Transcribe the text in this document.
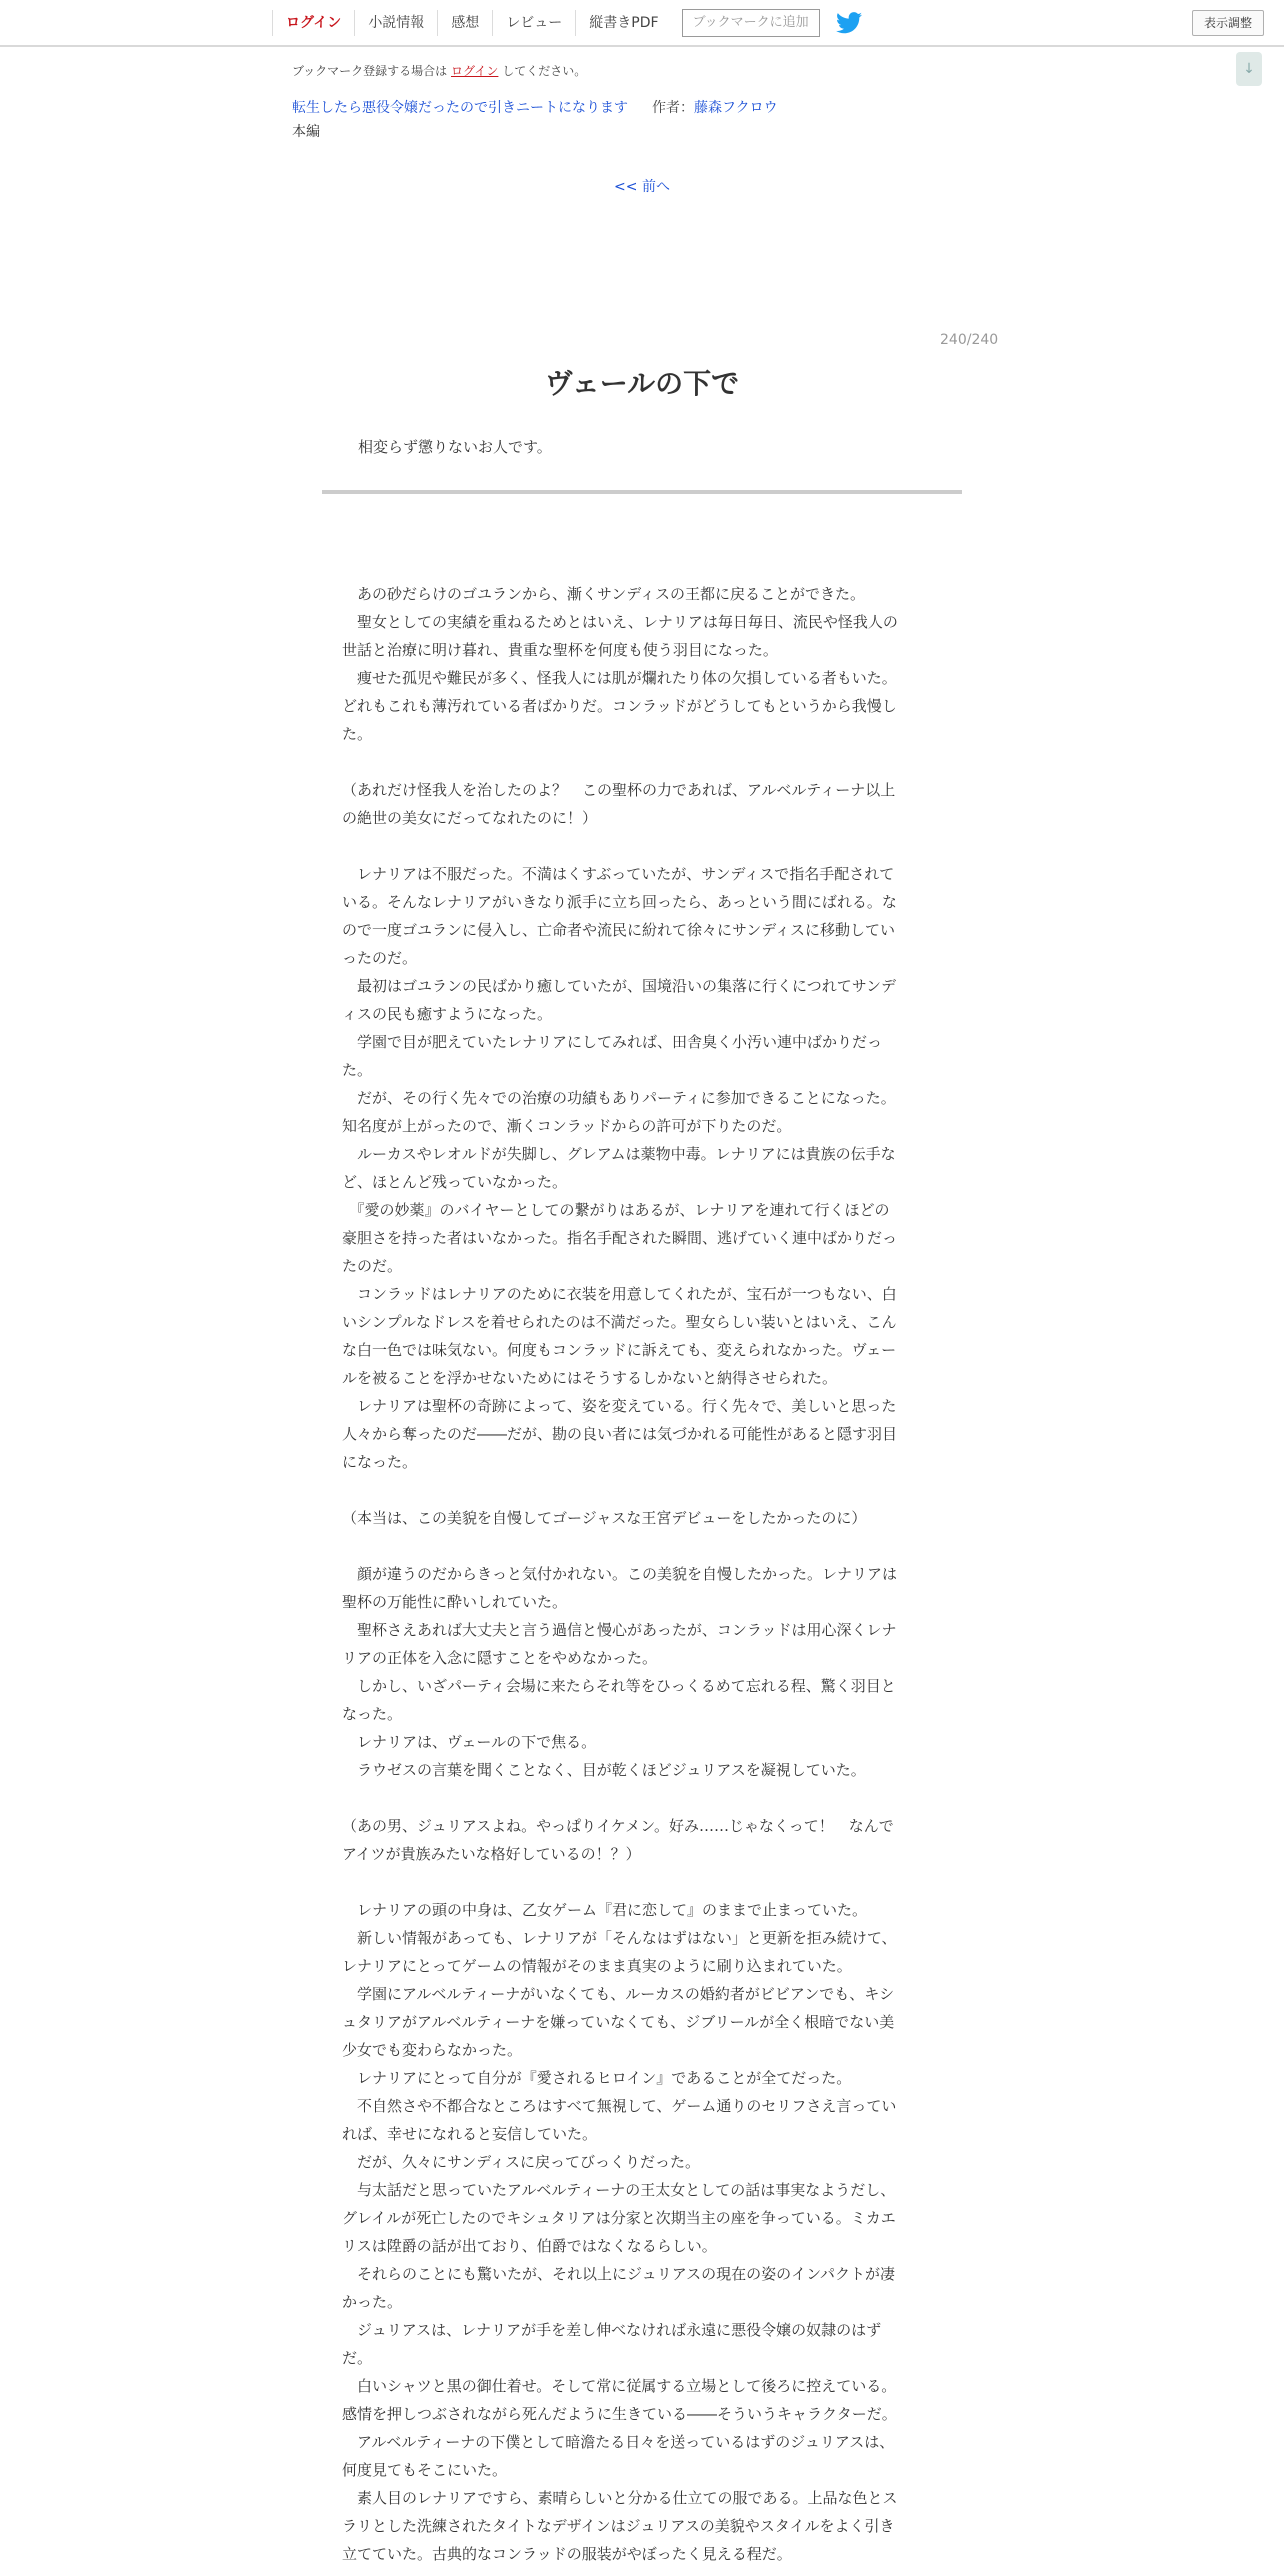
ログイン	小説情報	感想	レビュー	縦書きPDF	ブックマークに追加	表示調整
↓
ブックマーク登録する場合は ログイン してください。
転生したら悪役令嬢だったので引きニートになります 作者：藤森フクロウ
本編
<< 前へ
240/240
ヴェールの下で
相変らず懲りないお人です。
　あの砂だらけのゴユランから、漸くサンディスの王都に戻ることができた。
　聖女としての実績を重ねるためとはいえ、レナリアは毎日毎日、流民や怪我人の
世話と治療に明け暮れ、貴重な聖杯を何度も使う羽目になった。
　痩せた孤児や難民が多く、怪我人には肌が爛れたり体の欠損している者もいた。
どれもこれも薄汚れている者ばかりだ。コンラッドがどうしてもというから我慢し
た。
（あれだけ怪我人を治したのよ？　この聖杯の力であれば、アルベルティーナ以上
の絶世の美女にだってなれたのに！）
　レナリアは不服だった。不満はくすぶっていたが、サンディスで指名手配されて
いる。そんなレナリアがいきなり派手に立ち回ったら、あっという間にばれる。な
ので一度ゴユランに侵入し、亡命者や流民に紛れて徐々にサンディスに移動してい
ったのだ。
　最初はゴユランの民ばかり癒していたが、国境沿いの集落に行くにつれてサンデ
ィスの民も癒すようになった。
　学園で目が肥えていたレナリアにしてみれば、田舎臭く小汚い連中ばかりだっ
た。
　だが、その行く先々での治療の功績もありパーティに参加できることになった。
知名度が上がったので、漸くコンラッドからの許可が下りたのだ。
　ルーカスやレオルドが失脚し、グレアムは薬物中毒。レナリアには貴族の伝手な
ど、ほとんど残っていなかった。
　『愛の妙薬』のバイヤーとしての繋がりはあるが、レナリアを連れて行くほどの
豪胆さを持った者はいなかった。指名手配された瞬間、逃げていく連中ばかりだっ
たのだ。
　コンラッドはレナリアのために衣装を用意してくれたが、宝石が一つもない、白
いシンプルなドレスを着せられたのは不満だった。聖女らしい装いとはいえ、こん
な白一色では味気ない。何度もコンラッドに訴えても、変えられなかった。ヴェー
ルを被ることを浮かせないためにはそうするしかないと納得させられた。
　レナリアは聖杯の奇跡によって、姿を変えている。行く先々で、美しいと思った
人々から奪ったのだ――だが、勘の良い者には気づかれる可能性があると隠す羽目
になった。
（本当は、この美貌を自慢してゴージャスな王宮デビューをしたかったのに）
　顔が違うのだからきっと気付かれない。この美貌を自慢したかった。レナリアは
聖杯の万能性に酔いしれていた。
　聖杯さえあれば大丈夫と言う過信と慢心があったが、コンラッドは用心深くレナ
リアの正体を入念に隠すことをやめなかった。
　しかし、いざパーティ会場に来たらそれ等をひっくるめて忘れる程、驚く羽目と
なった。
　レナリアは、ヴェールの下で焦る。
　ラウゼスの言葉を聞くことなく、目が乾くほどジュリアスを凝視していた。
（あの男、ジュリアスよね。やっぱりイケメン。好み……じゃなくって！　なんで
アイツが貴族みたいな格好しているの！？）
　レナリアの頭の中身は、乙女ゲーム『君に恋して』のままで止まっていた。
　新しい情報があっても、レナリアが「そんなはずはない」と更新を拒み続けて、
レナリアにとってゲームの情報がそのまま真実のように刷り込まれていた。
　学園にアルベルティーナがいなくても、ルーカスの婚約者がビビアンでも、キシ
ュタリアがアルベルティーナを嫌っていなくても、ジブリールが全く根暗でない美
少女でも変わらなかった。
　レナリアにとって自分が『愛されるヒロイン』であることが全てだった。
　不自然さや不都合なところはすべて無視して、ゲーム通りのセリフさえ言ってい
れば、幸せになれると妄信していた。
　だが、久々にサンディスに戻ってびっくりだった。
　与太話だと思っていたアルベルティーナの王太女としての話は事実なようだし、
グレイルが死亡したのでキシュタリアは分家と次期当主の座を争っている。ミカエ
リスは陞爵の話が出ており、伯爵ではなくなるらしい。
　それらのことにも驚いたが、それ以上にジュリアスの現在の姿のインパクトが凄
かった。
　ジュリアスは、レナリアが手を差し伸べなければ永遠に悪役令嬢の奴隷のはず
だ。
　白いシャツと黒の御仕着せ。そして常に従属する立場として後ろに控えている。
感情を押しつぶされながら死んだように生きている――そういうキャラクターだ。
　アルベルティーナの下僕として暗澹たる日々を送っているはずのジュリアスは、
何度見てもそこにいた。
　素人目のレナリアですら、素晴らしいと分かる仕立ての服である。上品な色とス
ラリとした洗練されたタイトなデザインはジュリアスの美貌やスタイルをよく引き
立てていた。古典的なコンラッドの服装がやぼったく見える程だ。
